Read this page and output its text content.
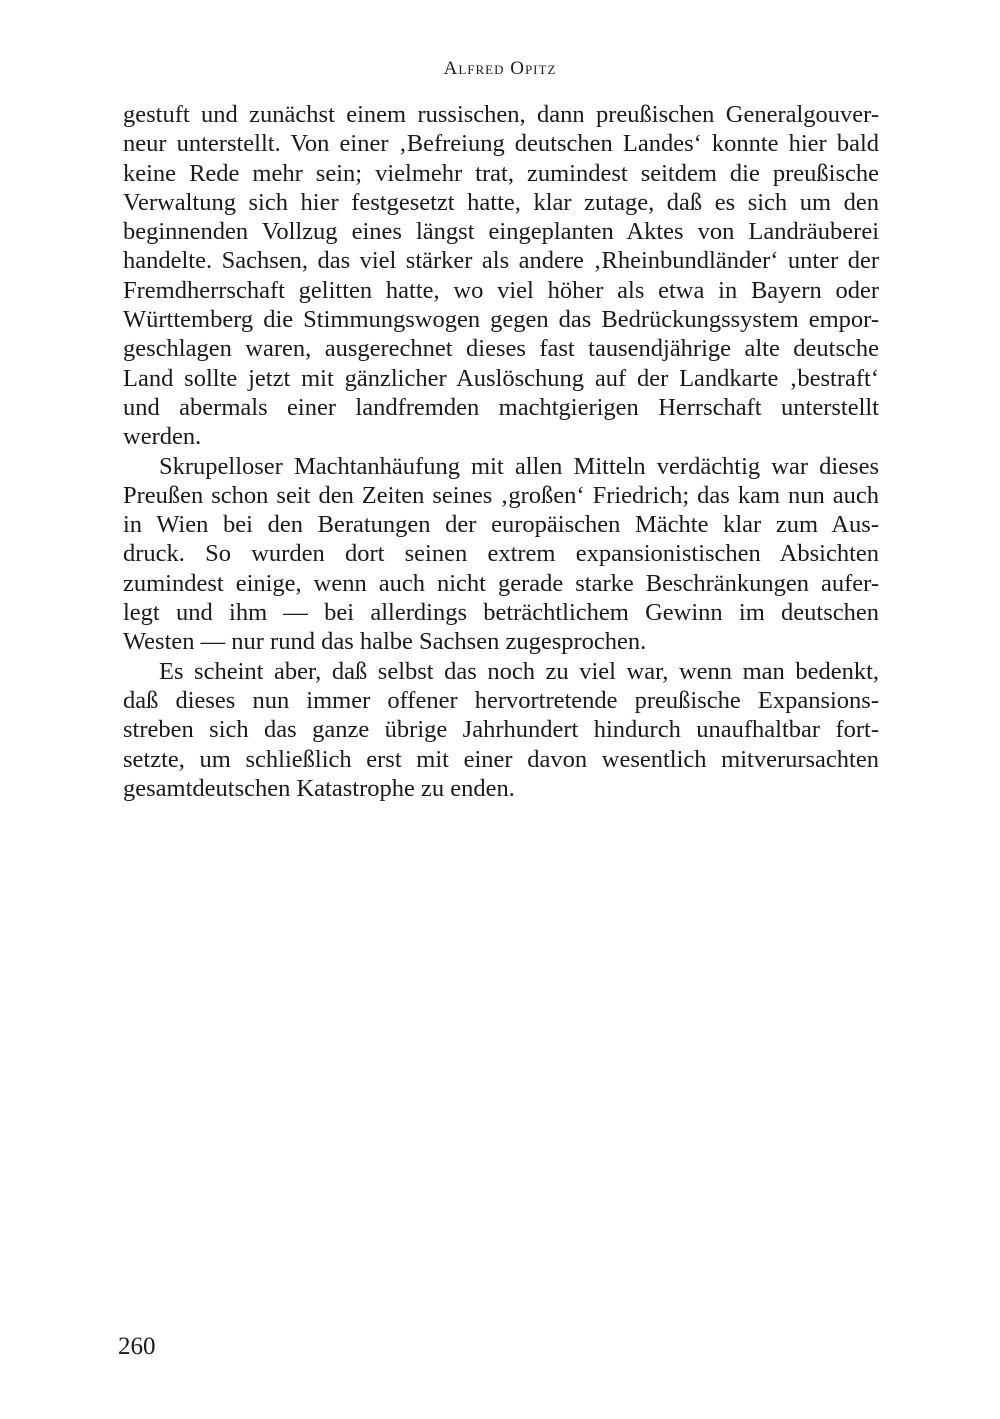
Alfred Opitz
gestuft und zunächst einem russischen, dann preußischen Generalgouver-
neur unterstellt. Von einer ‚Befreiung deutschen Landes‘ konnte hier bald
keine Rede mehr sein; vielmehr trat, zumindest seitdem die preußische
Verwaltung sich hier festgesetzt hatte, klar zutage, daß es sich um den
beginnenden Vollzug eines längst eingeplanten Aktes von Landräuberei
handelte. Sachsen, das viel stärker als andere ‚Rheinbundländer‘ unter der
Fremdherrschaft gelitten hatte, wo viel höher als etwa in Bayern oder
Württemberg die Stimmungswogen gegen das Bedrückungssystem empor-
geschlagen waren, ausgerechnet dieses fast tausendjährige alte deutsche
Land sollte jetzt mit gänzlicher Auslöschung auf der Landkarte ‚bestraft‘
und abermals einer landfremden machtgierigen Herrschaft unterstellt
werden.
Skrupelloser Machtanhäufung mit allen Mitteln verdächtig war dieses
Preußen schon seit den Zeiten seines ‚großen‘ Friedrich; das kam nun auch
in Wien bei den Beratungen der europäischen Mächte klar zum Aus-
druck. So wurden dort seinen extrem expansionistischen Absichten
zumindest einige, wenn auch nicht gerade starke Beschränkungen aufer-
legt und ihm — bei allerdings beträchtlichem Gewinn im deutschen
Westen — nur rund das halbe Sachsen zugesprochen.
Es scheint aber, daß selbst das noch zu viel war, wenn man bedenkt,
daß dieses nun immer offener hervortretende preußische Expansions-
streben sich das ganze übrige Jahrhundert hindurch unaufhaltbar fort-
setzte, um schließlich erst mit einer davon wesentlich mitverursachten
gesamtdeutschen Katastrophe zu enden.
260
